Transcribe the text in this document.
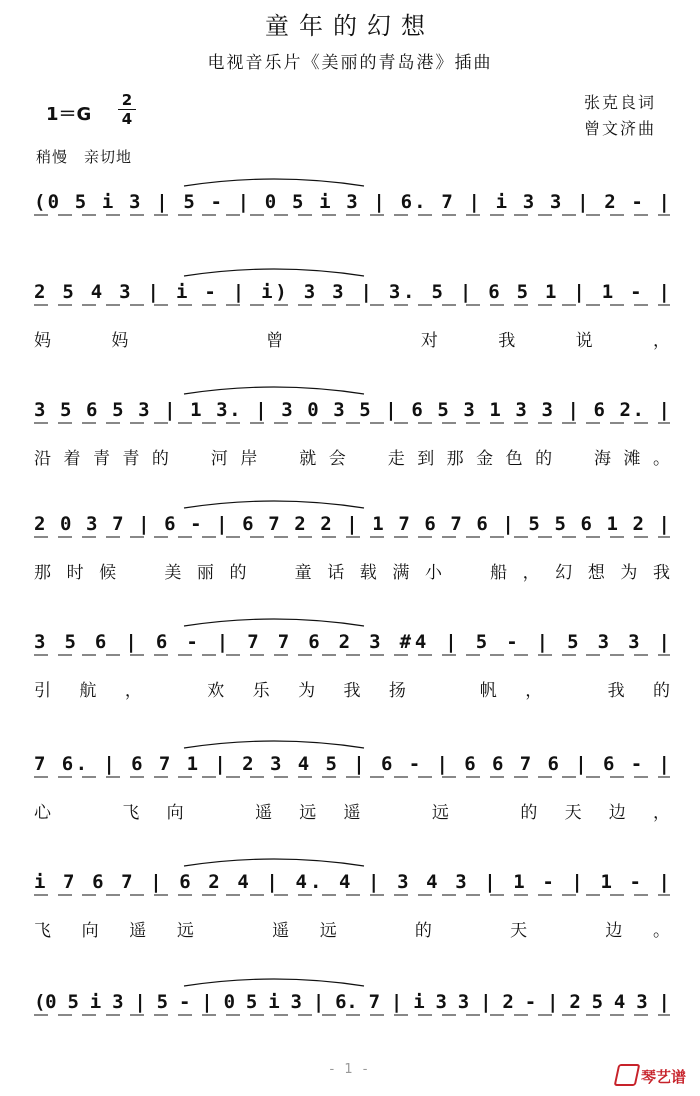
童年的幻想
电视音乐片《美丽的青岛港》插曲
1＝G
2
4
张克良词
曾文济曲
稍慢　亲切地
(0 5 i 3 | 5 - | 0 5 i 3 | 6. 7 | i 3 3 | 2 - |
2 5 4 3 | i - | i) 3 3 | 3. 5 | 6 5 1 | 1 - |
妈妈　曾　对我说，
3 5 6 5 3 | 1 3. | 3 0 3 5 | 6 5 3 1 3 3 | 6 2. |
沿着青青的　河岸　就会　走到那金色的　海滩。
2 0 3 7 | 6 - | 6 7 2 2 | 1 7 6 7 6 | 5 5 6 1 2 |
那时候　美丽的　童话载满小　船，幻想为我
3 5 6 | 6 - | 7 7 6 2 3 #4 | 5 - | 5 3 3 |
引航，　欢乐为我扬　帆，　我的
7 6. | 6 7 1 | 2 3 4 5 | 6 - | 6 6 7 6 | 6 - |
心　飞向　遥远遥　远　的天边，
i 7 6 7 | 6 2 4 | 4. 4 | 3 4 3 | 1 - | 1 - |
飞向遥远　遥远　的　天　边。
(0 5 i 3 | 5 - | 0 5 i 3 | 6. 7 | i 3 3 | 2 - | 2 5 4 3 |
- 1 -	琴艺谱
